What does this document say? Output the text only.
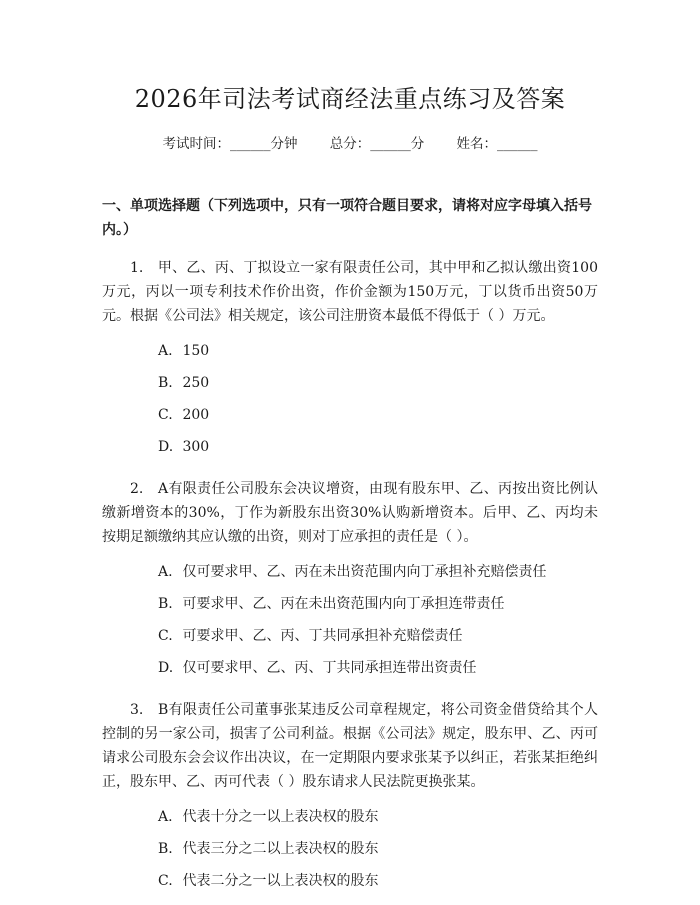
2026年司法考试商经法重点练习及答案
考试时间：______分钟 总分：______分 姓名：______
一、单项选择题（下列选项中，只有一项符合题目要求，请将对应字母填入括号内。）
1.　甲、乙、丙、丁拟设立一家有限责任公司，其中甲和乙拟认缴出资100万元，丙以一项专利技术作价出资，作价金额为150万元，丁以货币出资50万元。根据《公司法》相关规定，该公司注册资本最低不得低于（ ）万元。
A. 150
B. 250
C. 200
D. 300
2.　A有限责任公司股东会决议增资，由现有股东甲、乙、丙按出资比例认缴新增资本的30%，丁作为新股东出资30%认购新增资本。后甲、乙、丙均未按期足额缴纳其应认缴的出资，则对丁应承担的责任是（ ）。
A. 仅可要求甲、乙、丙在未出资范围内向丁承担补充赔偿责任
B. 可要求甲、乙、丙在未出资范围内向丁承担连带责任
C. 可要求甲、乙、丙、丁共同承担补充赔偿责任
D. 仅可要求甲、乙、丙、丁共同承担连带出资责任
3.　B有限责任公司董事张某违反公司章程规定，将公司资金借贷给其个人控制的另一家公司，损害了公司利益。根据《公司法》规定，股东甲、乙、丙可请求公司股东会会议作出决议，在一定期限内要求张某予以纠正，若张某拒绝纠正，股东甲、乙、丙可代表（ ）股东请求人民法院更换张某。
A. 代表十分之一以上表决权的股东
B. 代表三分之二以上表决权的股东
C. 代表二分之一以上表决权的股东
